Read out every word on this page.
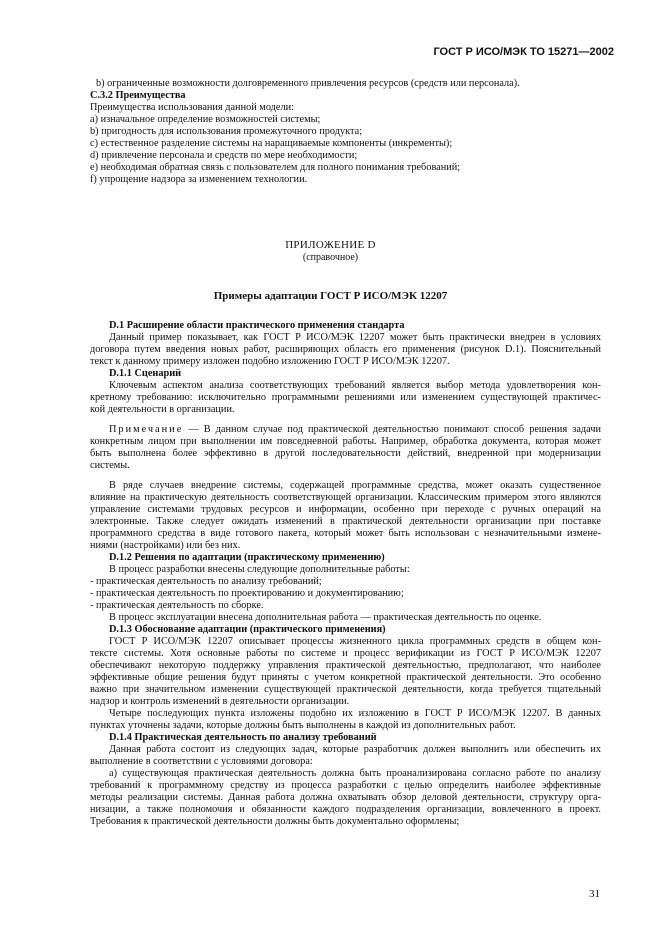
ГОСТ Р ИСО/МЭК ТО 15271—2002
b) ограниченные возможности долговременного привлечения ресурсов (средств или персонала).
С.3.2 Преимущества
Преимущества использования данной модели:
a) изначальное определение возможностей системы;
b) пригодность для использования промежуточного продукта;
c) естественное разделение системы на наращиваемые компоненты (инкременты);
d) привлечение персонала и средств по мере необходимости;
e) необходимая обратная связь с пользователем для полного понимания требований;
f) упрощение надзора за изменением технологии.
ПРИЛОЖЕНИЕ D
(справочное)
Примеры адаптации ГОСТ Р ИСО/МЭК 12207
D.1 Расширение области практического применения стандарта
Данный пример показывает, как ГОСТ Р ИСО/МЭК 12207 может быть практически внедрен в условиях
договора путем введения новых работ, расширяющих область его применения (рисунок D.1). Пояснительный
текст к данному примеру изложен подобно изложению ГОСТ Р ИСО/МЭК 12207.
D.1.1 Сценарий
Ключевым аспектом анализа соответствующих требований является выбор метода удовлетворения кон-
кретному требованию: исключительно программными решениями или изменением существующей практичес-
кой деятельности в организации.
Примечание — В данном случае под практической деятельностью понимают способ решения задачи
конкретным лицом при выполнении им повседневной работы. Например, обработка документа, которая может
быть выполнена более эффективно в другой последовательности действий, внедренной при модернизации
системы.
В ряде случаев внедрение системы, содержащей программные средства, может оказать существенное
влияние на практическую деятельность соответствующей организации. Классическим примером этого являются
управление системами трудовых ресурсов и информации, особенно при переходе с ручных операций на
электронные. Также следует ожидать изменений в практической деятельности организации при поставке
программного средства в виде готового пакета, который может быть использован с незначительными измене-
ниями (настройками) или без них.
D.1.2 Решения по адаптации (практическому применению)
В процесс разработки внесены следующие дополнительные работы:
- практическая деятельность по анализу требований;
- практическая деятельность по проектированию и документированию;
- практическая деятельность по сборке.
В процесс эксплуатации внесена дополнительная работа — практическая деятельность по оценке.
D.1.3 Обоснование адаптации (практического применения)
ГОСТ Р ИСО/МЭК 12207 описывает процессы жизненного цикла программных средств в общем кон-
тексте системы. Хотя основные работы по системе и процесс верификации из ГОСТ Р ИСО/МЭК 12207
обеспечивают некоторую поддержку управления практической деятельностью, предполагают, что наиболее
эффективные общие решения будут приняты с учетом конкретной практической деятельности. Это особенно
важно при значительном изменении существующей практической деятельности, когда требуется тщательный
надзор и контроль изменений в деятельности организации.
Четыре последующих пункта изложены подобно их изложению в ГОСТ Р ИСО/МЭК 12207. В данных
пунктах уточнены задачи, которые должны быть выполнены в каждой из дополнительных работ.
D.1.4 Практическая деятельность по анализу требований
Данная работа состоит из следующих задач, которые разработчик должен выполнить или обеспечить их
выполнение в соответствии с условиями договора:
a) существующая практическая деятельность должна быть проанализирована согласно работе по анализу
требований к программному средству из процесса разработки с целью определить наиболее эффективные
методы реализации системы. Данная работа должна охватывать обзор деловой деятельности, структуру орга-
низации, а также полномочия и обязанности каждого подразделения организации, вовлеченного в проект.
Требования к практической деятельности должны быть документально оформлены;
31
